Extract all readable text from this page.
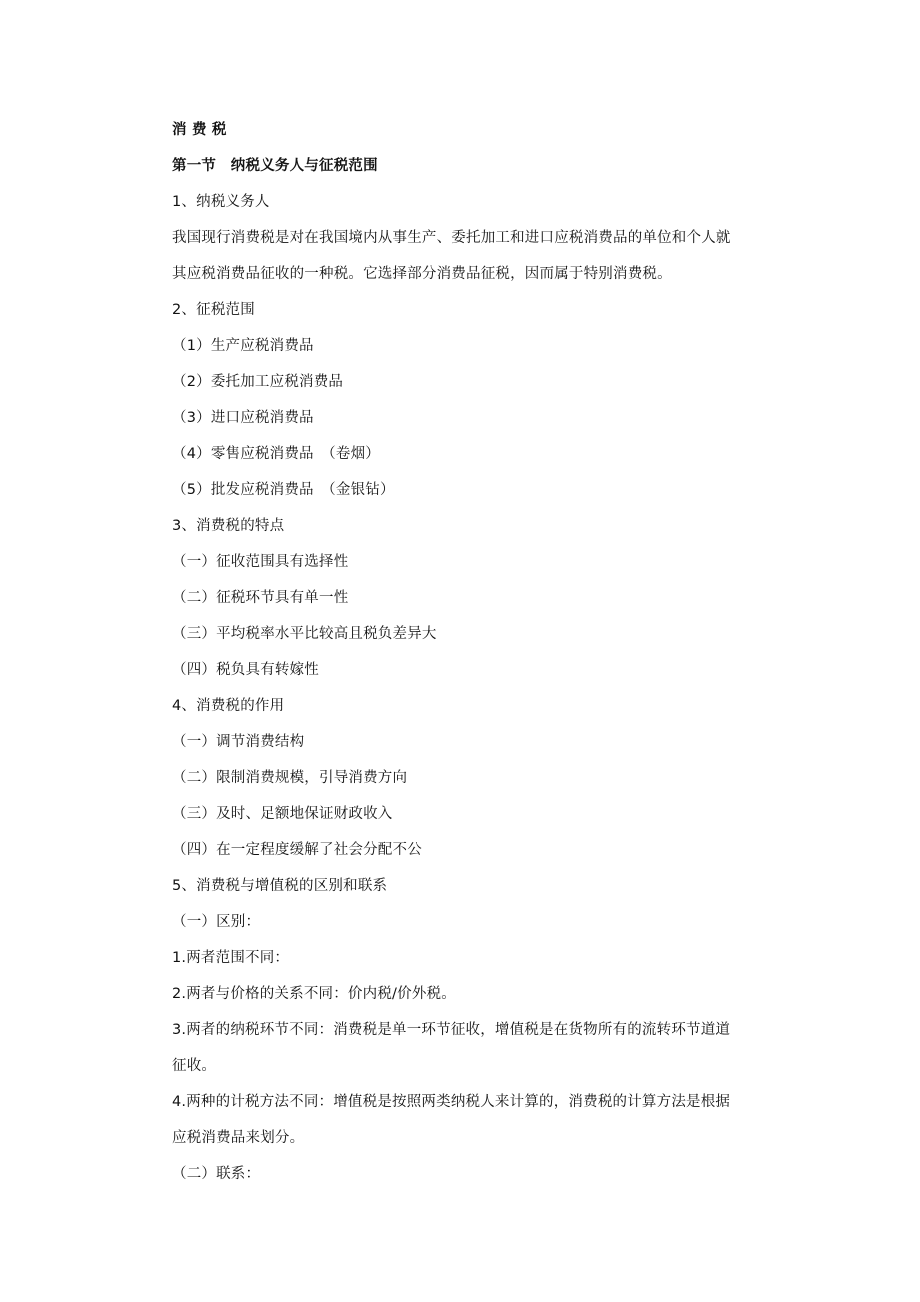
消 费 税
第一节　纳税义务人与征税范围
1、纳税义务人
我国现行消费税是对在我国境内从事生产、委托加工和进口应税消费品的单位和个人就
其应税消费品征收的一种税。它选择部分消费品征税，因而属于特别消费税。
2、征税范围
（1）生产应税消费品
（2）委托加工应税消费品
（3）进口应税消费品
（4）零售应税消费品　（卷烟）
（5）批发应税消费品　（金银钻）
3、消费税的特点
（一）征收范围具有选择性
（二）征税环节具有单一性
（三）平均税率水平比较高且税负差异大
（四）税负具有转嫁性
4、消费税的作用
（一）调节消费结构
（二）限制消费规模，引导消费方向
（三）及时、足额地保证财政收入
（四）在一定程度缓解了社会分配不公
5、消费税与增值税的区别和联系
（一）区别：
1.两者范围不同：
2.两者与价格的关系不同：价内税/价外税。
3.两者的纳税环节不同：消费税是单一环节征收，增值税是在货物所有的流转环节道道
征收。
4.两种的计税方法不同：增值税是按照两类纳税人来计算的，消费税的计算方法是根据
应税消费品来划分。
（二）联系：
